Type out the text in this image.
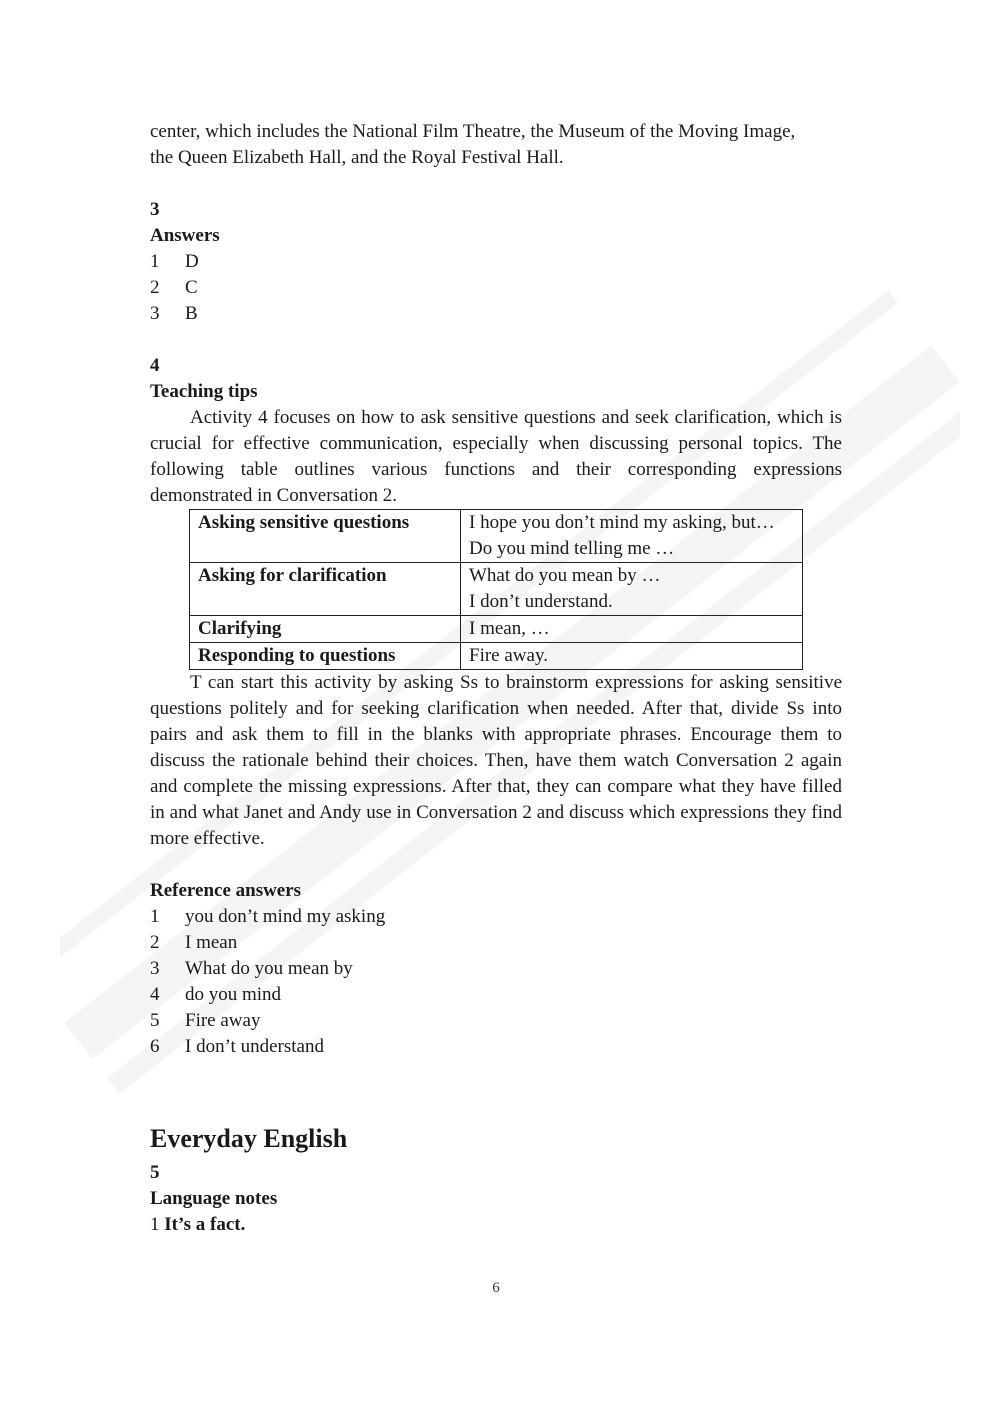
center, which includes the National Film Theatre, the Museum of the Moving Image,

the Queen Elizabeth Hall, and the Royal Festival Hall.

3
Answers
1	D
2	C
3	B
4
Teaching tips

Activity 4 focuses on how to ask sensitive questions and seek clarification, which is crucial for effective communication, especially when discussing personal topics. The following table outlines various functions and their corresponding expressions demonstrated in Conversation 2.

Asking sensitive questions	I hope you don’t mind my asking, but…
Do you mind telling me …

Asking for clarification	What do you mean by …
I don’t understand.

Clarifying	I mean, …

Responding to questions	Fire away.

T can start this activity by asking Ss to brainstorm expressions for asking sensitive questions politely and for seeking clarification when needed. After that, divide Ss into pairs and ask them to fill in the blanks with appropriate phrases. Encourage them to discuss the rationale behind their choices. Then, have them watch Conversation 2 again and complete the missing expressions. After that, they can compare what they have filled in and what Janet and Andy use in Conversation 2 and discuss which expressions they find more effective.

Reference answers
1	you don’t mind my asking
2	I mean
3	What do you mean by
4	do you mind
5	Fire away
6	I don’t understand
Everyday English
5
Language notes
1 It’s a fact.
6
